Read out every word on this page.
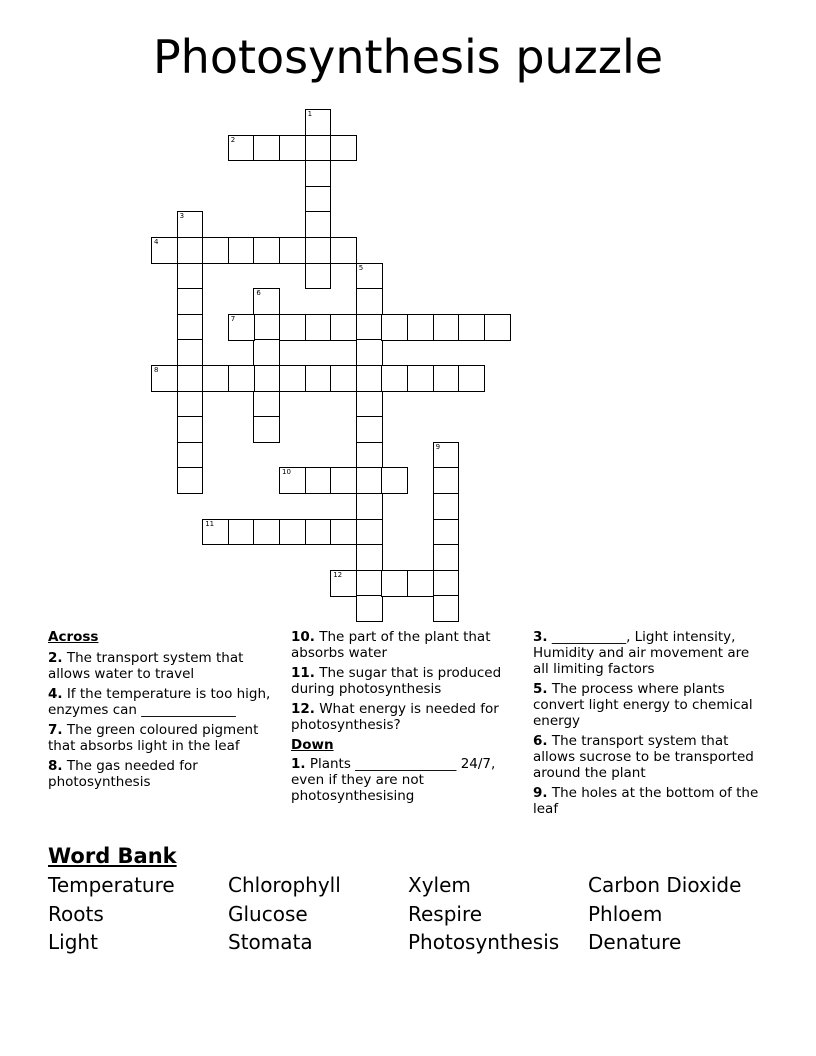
Photosynthesis puzzle
1
2
3
4
5
6
7
8
9
10
11
12
Across
2. The transport system that allows water to travel
4. If the temperature is too high, enzymes can ______________
7. The green coloured pigment that absorbs light in the leaf
8. The gas needed for photosynthesis
10. The part of the plant that absorbs water
11. The sugar that is produced during photosynthesis
12. What energy is needed for photosynthesis?
Down
1. Plants _______________ 24/7, even if they are not photosynthesising
3. ___________, Light intensity, Humidity and air movement are all limiting factors
5. The process where plants convert light energy to chemical energy
6. The transport system that allows sucrose to be transported around the plant
9. The holes at the bottom of the leaf
Word Bank
Temperature	Chlorophyll	Xylem	Carbon Dioxide
Roots	Glucose	Respire	Phloem
Light	Stomata	Photosynthesis	Denature
